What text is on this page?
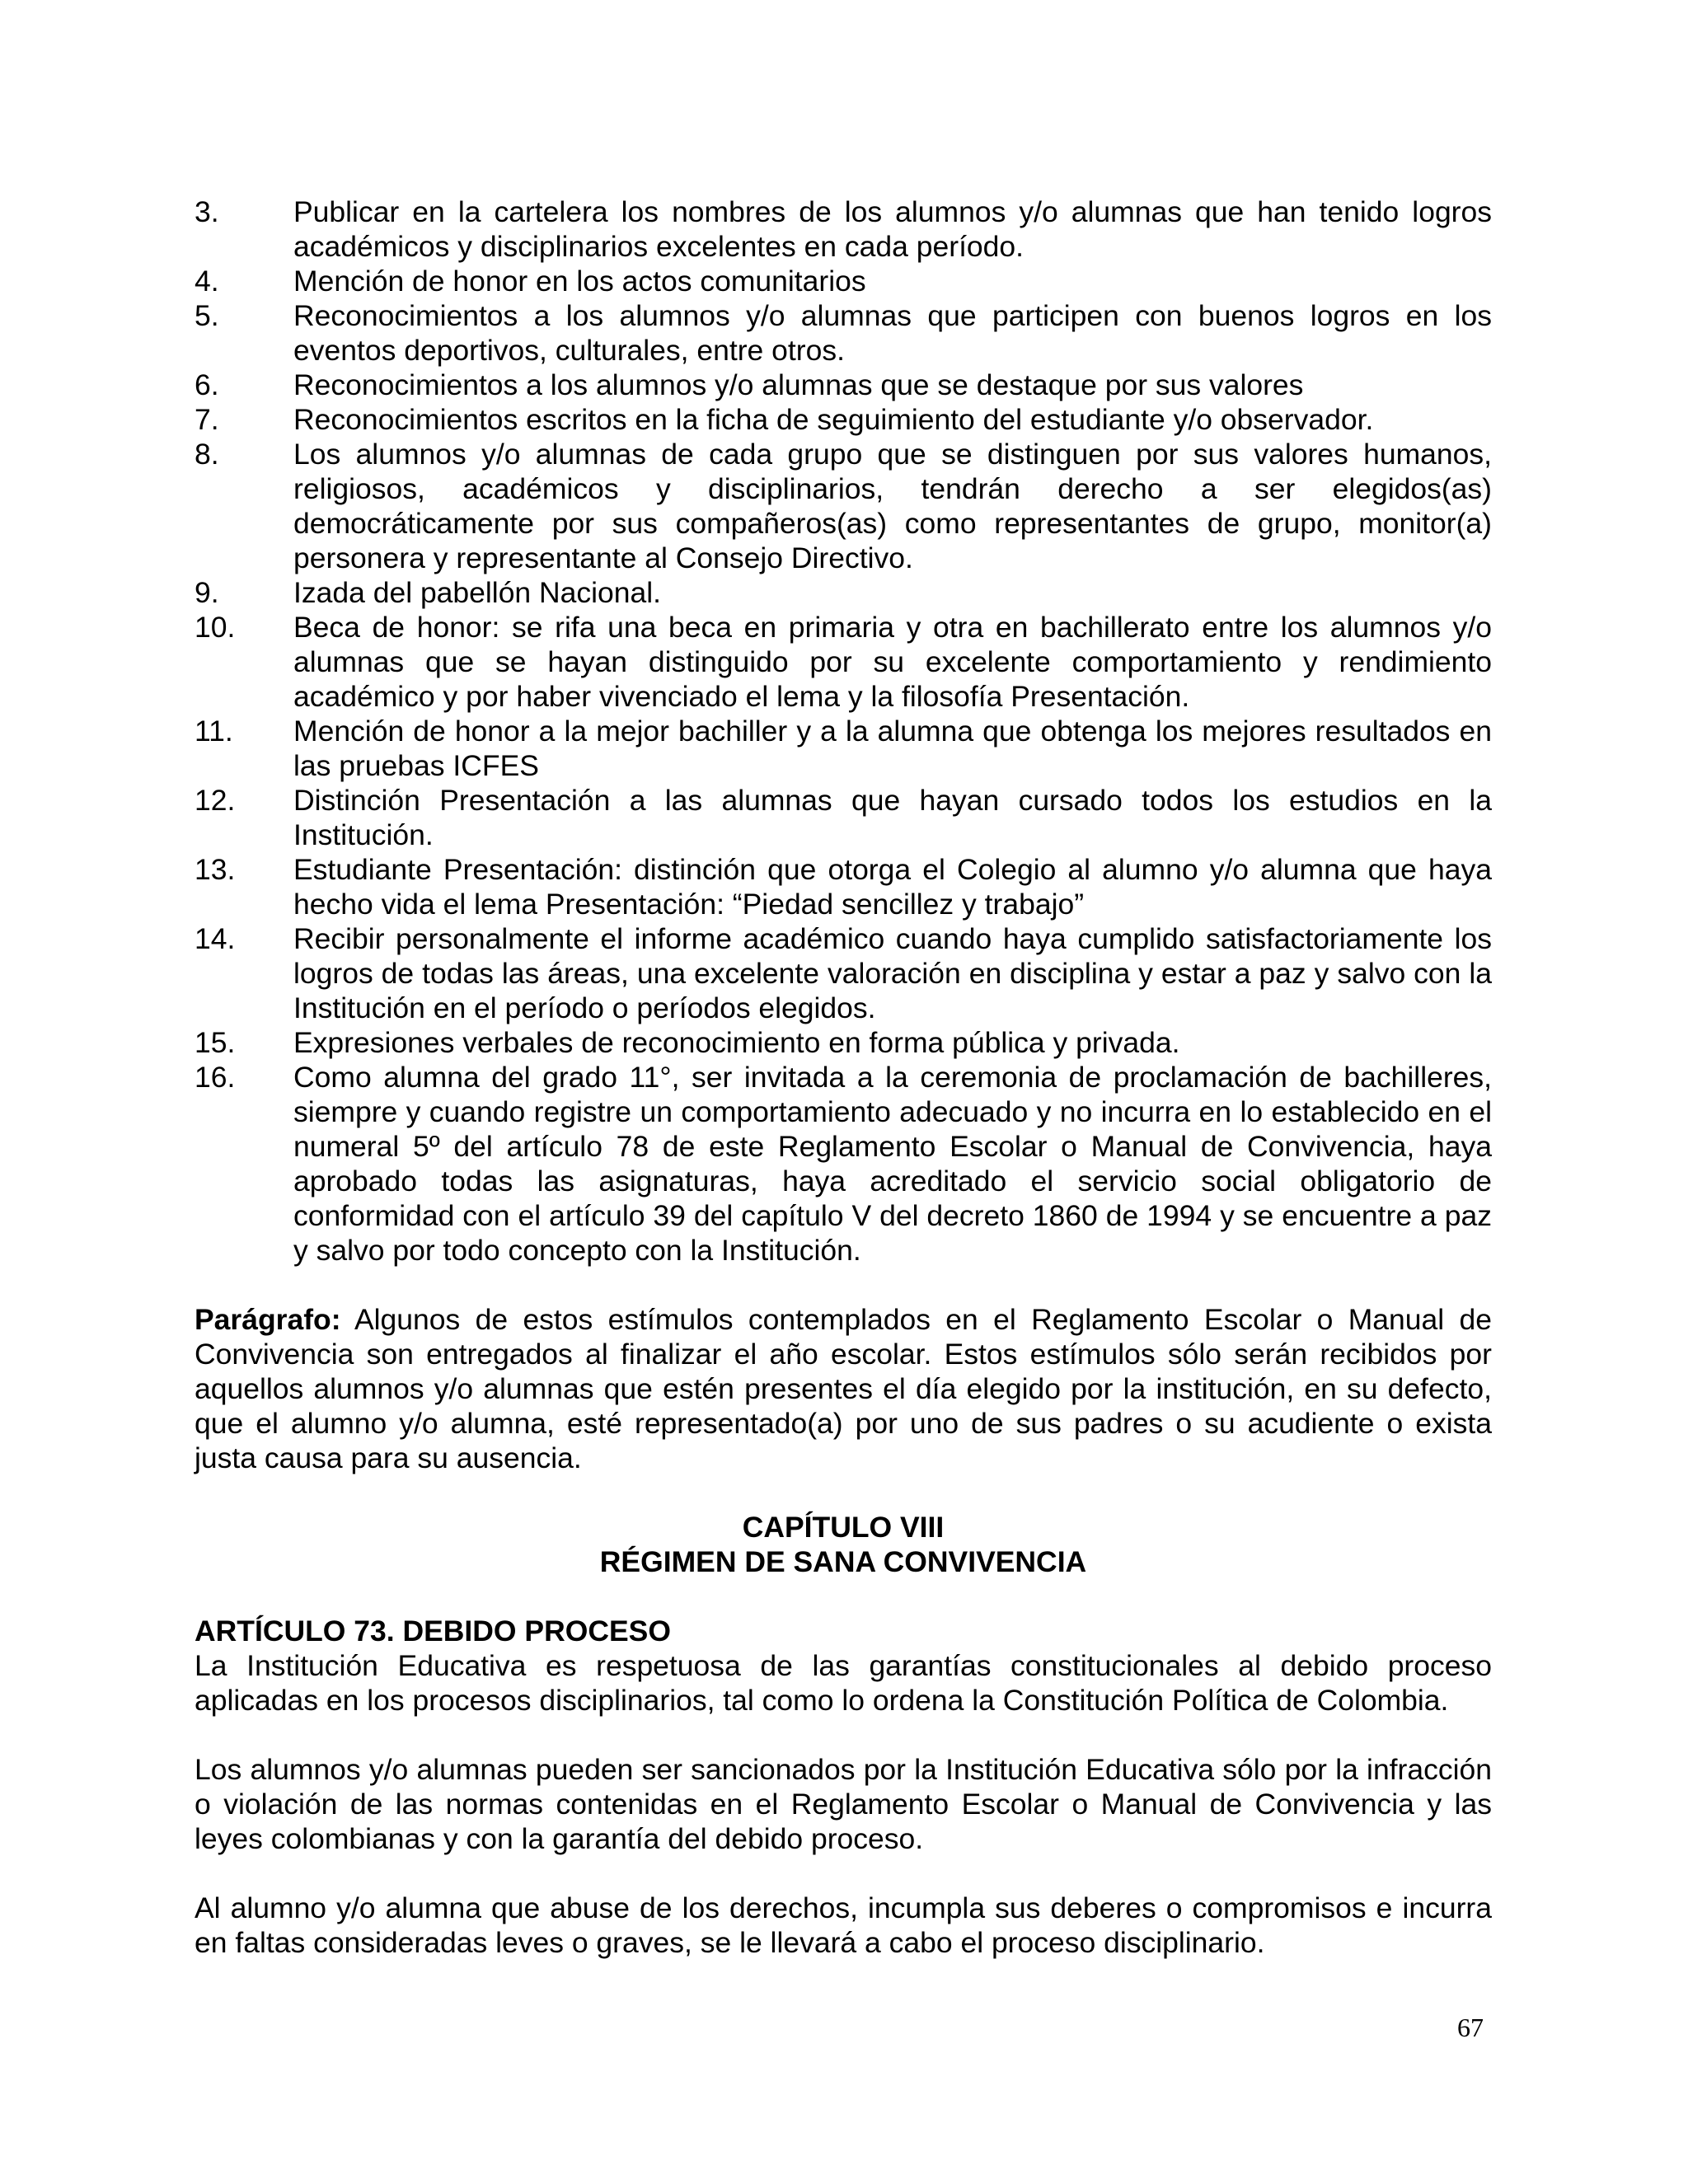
3.	Publicar en la cartelera los nombres de los alumnos y/o alumnas que han tenido logros académicos y disciplinarios excelentes en cada período.
4.	Mención de honor en los actos comunitarios
5.	Reconocimientos a los alumnos y/o alumnas que participen con buenos logros en los eventos deportivos, culturales, entre otros.
6.	Reconocimientos a los alumnos y/o alumnas que se destaque por sus valores
7.	Reconocimientos escritos en la ficha de seguimiento del estudiante y/o observador.
8.	Los alumnos y/o alumnas de cada grupo que se distinguen por sus valores humanos, religiosos, académicos y disciplinarios, tendrán derecho a ser elegidos(as) democráticamente por sus compañeros(as) como representantes de grupo, monitor(a) personera y representante al Consejo Directivo.
9.	Izada del pabellón Nacional.
10.	Beca de honor: se rifa una beca en primaria y otra en bachillerato entre los alumnos y/o alumnas que se hayan distinguido por su excelente comportamiento y rendimiento académico y por haber vivenciado el lema y la filosofía Presentación.
11.	Mención de honor a la mejor bachiller y a la alumna que obtenga los mejores resultados en las pruebas ICFES
12.	Distinción Presentación a las alumnas que hayan cursado todos los estudios en la Institución.
13.	Estudiante Presentación: distinción que otorga el Colegio al alumno y/o alumna que haya hecho vida el lema Presentación: “Piedad sencillez y trabajo”
14.	Recibir personalmente el informe académico cuando haya cumplido satisfactoriamente los logros de todas las áreas, una excelente valoración en disciplina y estar a paz y salvo con la Institución en el período o períodos elegidos.
15.	Expresiones verbales de reconocimiento en forma pública y privada.
16.	Como alumna del grado 11°, ser invitada a la ceremonia de proclamación de bachilleres, siempre y cuando registre un comportamiento adecuado y no incurra en lo establecido en el numeral 5º del artículo 78 de este Reglamento Escolar o Manual de Convivencia, haya aprobado todas las asignaturas, haya acreditado el servicio social obligatorio de conformidad con el artículo 39 del capítulo V del decreto 1860 de 1994 y se encuentre a paz y salvo por todo concepto con la Institución.

Parágrafo: Algunos de estos estímulos contemplados en el Reglamento Escolar o Manual de Convivencia son entregados al finalizar el año escolar. Estos estímulos sólo serán recibidos por aquellos alumnos y/o alumnas que estén presentes el día elegido por la institución, en su defecto, que el alumno y/o alumna, esté representado(a) por uno de sus padres o su acudiente o exista justa causa para su ausencia.

CAPÍTULO VIII
RÉGIMEN DE SANA CONVIVENCIA
ARTÍCULO 73. DEBIDO PROCESO

La Institución Educativa es respetuosa de las garantías constitucionales al debido proceso aplicadas en los procesos disciplinarios, tal como lo ordena la Constitución Política de Colombia.

Los alumnos y/o alumnas pueden ser sancionados por la Institución Educativa sólo por la infracción o violación de las normas contenidas en el Reglamento Escolar o Manual de Convivencia y las leyes colombianas y con la garantía del debido proceso.

Al alumno y/o alumna que abuse de los derechos, incumpla sus deberes o compromisos e incurra en faltas consideradas leves o graves, se le llevará a cabo el proceso disciplinario.

67
